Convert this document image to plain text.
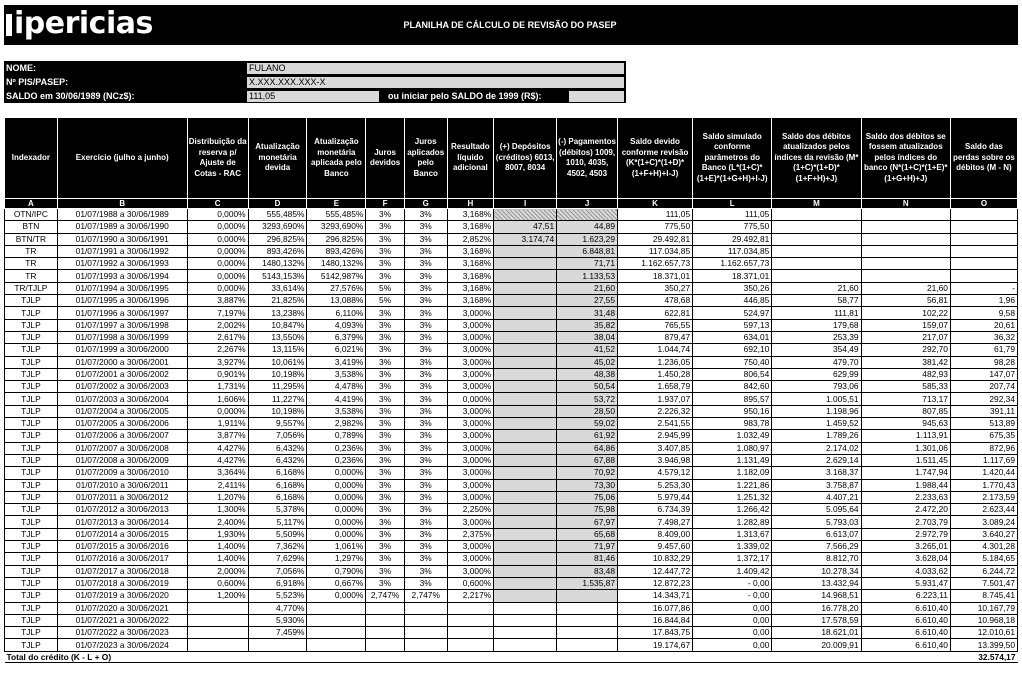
ipericias	PLANILHA DE CÁLCULO DE REVISÃO DO PASEP
NOME:	FULANO
Nº PIS/PASEP:	X.XXX.XXX.XXX-X
SALDO em 30/06/1989 (NCz$):	111,05	ou iniciar pelo SALDO de 1999 (R$):
Indexador	Exercício (julho a junho)	Distribuição da reserva p/ Ajuste de Cotas - RAC	Atualização monetária devida	Atualização monetária aplicada pelo Banco	Juros devidos	Juros aplicados pelo Banco	Resultado líquido adicional	(+) Depósitos (créditos) 6013, 8007, 8034	(-) Pagamentos (débitos) 1009, 1010, 4035, 4502, 4503	Saldo devido conforme revisão (K*(1+C)*(1+D)*(1+F+H)+I-J)	Saldo simulado conforme parâmetros do Banco (L*(1+C)*(1+E)*(1+G+H)+I-J)	Saldo dos débitos atualizados pelos índices da revisão (M*(1+C)*(1+D)*(1+F+H)+J)	Saldo dos débitos se fossem atualizados pelos índices do banco (N*(1+C)*(1+E)*(1+G+H)+J)	Saldo das perdas sobre os débitos (M - N)
A	B	C	D	E	F	G	H	I	J	K	L	M	N	O
OTN/IPC	01/07/1988 a 30/06/1989	0,000%	555,485%	555,485%	3%	3%	3,168%			111,05	111,05			
BTN	01/07/1989 a 30/06/1990	0,000%	3293,690%	3293,690%	3%	3%	3,168%	47,51	44,89	775,50	775,50			
BTN/TR	01/07/1990 a 30/06/1991	0,000%	296,825%	296,825%	3%	3%	2,852%	3.174,74	1.623,29	29.492,81	29.492,81			
TR	01/07/1991 a 30/06/1992	0,000%	893,426%	893,426%	3%	3%	3,168%		6.848,81	117.034,85	117.034,85			
TR	01/07/1992 a 30/06/1993	0,000%	1480,132%	1480,132%	3%	3%	3,168%		71,71	1.162.657,73	1.162.657,73			
TR	01/07/1993 a 30/06/1994	0,000%	5143,153%	5142,987%	3%	3%	3,168%		1.133,53	18.371,01	18.371,01			
TR/TJLP	01/07/1994 a 30/06/1995	0,000%	33,614%	27,576%	5%	3%	3,168%		21,60	350,27	350,26	21,60	21,60	-
TJLP	01/07/1995 a 30/06/1996	3,887%	21,825%	13,088%	5%	3%	3,168%		27,55	478,68	446,85	58,77	56,81	1,96
TJLP	01/07/1996 a 30/06/1997	7,197%	13,238%	6,110%	3%	3%	3,000%		31,48	622,81	524,97	111,81	102,22	9,58
TJLP	01/07/1997 a 30/06/1998	2,002%	10,847%	4,093%	3%	3%	3,000%		35,82	765,55	597,13	179,68	159,07	20,61
TJLP	01/07/1998 a 30/06/1999	2,617%	13,550%	6,379%	3%	3%	3,000%		38,04	879,47	634,01	253,39	217,07	36,32
TJLP	01/07/1999 a 30/06/2000	2,267%	13,115%	6,021%	3%	3%	3,000%		41,52	1.044,74	692,10	354,49	292,70	61,79
TJLP	01/07/2000 a 30/06/2001	3,927%	10,061%	3,419%	3%	3%	3,000%		45,02	1.236,05	750,40	479,70	381,42	98,28
TJLP	01/07/2001 a 30/06/2002	0,901%	10,198%	3,538%	3%	3%	3,000%		48,38	1.450,28	806,54	629,99	482,93	147,07
TJLP	01/07/2002 a 30/06/2003	1,731%	11,295%	4,478%	3%	3%	3,000%		50,54	1.658,79	842,60	793,06	585,33	207,74
TJLP	01/07/2003 a 30/06/2004	1,606%	11,227%	4,419%	3%	3%	0,000%		53,72	1.937,07	895,57	1.005,51	713,17	292,34
TJLP	01/07/2004 a 30/06/2005	0,000%	10,198%	3,538%	3%	3%	3,000%		28,50	2.226,32	950,16	1.198,96	807,85	391,11
TJLP	01/07/2005 a 30/06/2006	1,911%	9,557%	2,982%	3%	3%	3,000%		59,02	2.541,55	983,78	1.459,52	945,63	513,89
TJLP	01/07/2006 a 30/06/2007	3,877%	7,056%	0,789%	3%	3%	3,000%		61,92	2.945,99	1.032,49	1.789,26	1.113,91	675,35
TJLP	01/07/2007 a 30/06/2008	4,427%	6,432%	0,236%	3%	3%	3,000%		64,86	3.407,85	1.080,97	2.174,02	1.301,06	872,96
TJLP	01/07/2008 a 30/06/2009	4,427%	6,432%	0,236%	3%	3%	3,000%		67,88	3.946,98	1.131,49	2.629,14	1.511,45	1.117,69
TJLP	01/07/2009 a 30/06/2010	3,364%	6,168%	0,000%	3%	3%	3,000%		70,92	4.579,12	1.182,09	3.168,37	1.747,94	1.420,44
TJLP	01/07/2010 a 30/06/2011	2,411%	6,168%	0,000%	3%	3%	3,000%		73,30	5.253,30	1.221,86	3.758,87	1.988,44	1.770,43
TJLP	01/07/2011 a 30/06/2012	1,207%	6,168%	0,000%	3%	3%	3,000%		75,06	5.979,44	1.251,32	4.407,21	2.233,63	2.173,59
TJLP	01/07/2012 a 30/06/2013	1,300%	5,378%	0,000%	3%	3%	2,250%		75,98	6.734,39	1.266,42	5.095,64	2.472,20	2.623,44
TJLP	01/07/2013 a 30/06/2014	2,400%	5,117%	0,000%	3%	3%	3,000%		67,97	7.498,27	1.282,89	5.793,03	2.703,79	3.089,24
TJLP	01/07/2014 a 30/06/2015	1,930%	5,509%	0,000%	3%	3%	2,375%		65,68	8.409,00	1.313,67	6.613,07	2.972,79	3.640,27
TJLP	01/07/2015 a 30/06/2016	1,400%	7,362%	1,061%	3%	3%	3,000%		71,97	9.457,60	1.339,02	7.566,29	3.265,01	4.301,28
TJLP	01/07/2016 a 30/06/2017	1,400%	7,629%	1,297%	3%	3%	3,000%		81,46	10.832,29	1.372,17	8.812,70	3.628,04	5.184,65
TJLP	01/07/2017 a 30/06/2018	2,000%	7,056%	0,790%	3%	3%	3,000%		83,48	12.447,72	1.409,42	10.278,34	4.033,62	6.244,72
TJLP	01/07/2018 a 30/06/2019	0,600%	6,918%	0,667%	3%	3%	0,600%		1.535,87	12.872,23	- 0,00	13.432,94	5.931,47	7.501,47
TJLP	01/07/2019 a 30/06/2020	1,200%	5,523%	0,000%	2,747%	2,747%	2,217%			14.343,71	- 0,00	14.968,51	6.223,11	8.745,41
TJLP	01/07/2020 a 30/06/2021		4,770%							16.077,86	0,00	16.778,20	6.610,40	10.167,79
TJLP	01/07/2021 a 30/06/2022		5,930%							16.844,84	0,00	17.578,59	6.610,40	10.968,18
TJLP	01/07/2022 a 30/06/2023		7,459%							17.843,75	0,00	18.621,01	6.610,40	12.010,61
TJLP	01/07/2023 a 30/06/2024									19.174,67	0,00	20.009,91	6.610,40	13.399,50
Total do crédito (K - L + O)												32.574,17		
